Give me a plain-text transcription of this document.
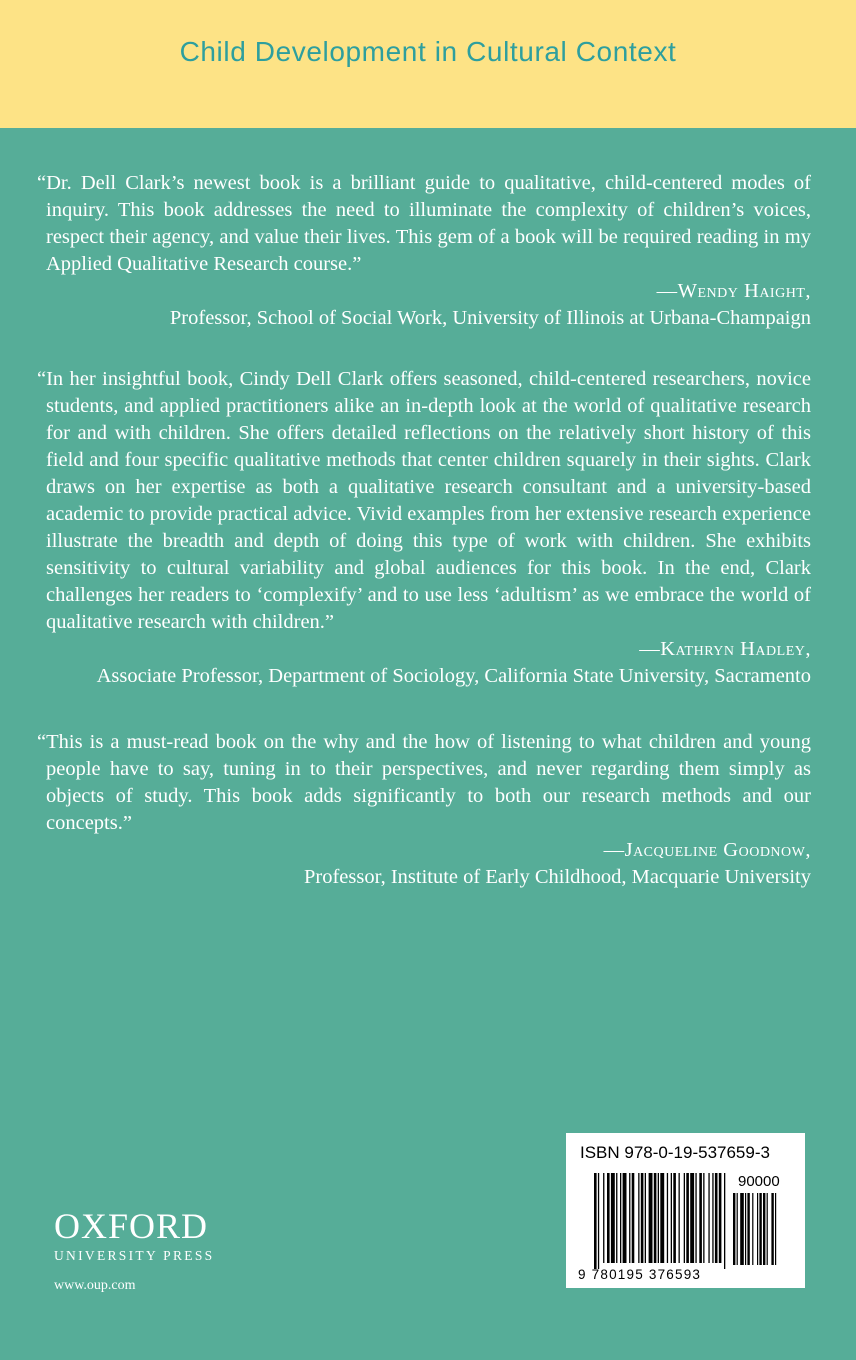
Child Development in Cultural Context

“Dr. Dell Clark’s newest book is a brilliant guide to qualitative, child-centered modes of inquiry. This book addresses the need to illuminate the complexity of children’s voices, respect their agency, and value their lives. This gem of a book will be required reading in my Applied Qualitative Research course.”

—Wendy Haight,
Professor, School of Social Work, University of Illinois at Urbana-Champaign

“In her insightful book, Cindy Dell Clark offers seasoned, child-centered researchers, novice students, and applied practitioners alike an in-depth look at the world of qualitative research for and with children. She offers detailed reflections on the relatively short history of this field and four specific qualitative methods that center children squarely in their sights. Clark draws on her expertise as both a qualitative research consultant and a university-based academic to provide practical advice. Vivid examples from her extensive research experience illustrate the breadth and depth of doing this type of work with children. She exhibits sensitivity to cultural variability and global audiences for this book. In the end, Clark challenges her readers to ‘complexify’ and to use less ‘adultism’ as we embrace the world of qualitative research with children.”

—Kathryn Hadley,
Associate Professor, Department of Sociology, California State University, Sacramento

“This is a must-read book on the why and the how of listening to what children and young people have to say, tuning in to their perspectives, and never regarding them simply as objects of study. This book adds significantly to both our research methods and our concepts.”

—Jacqueline Goodnow,
Professor, Institute of Early Childhood, Macquarie University
OXFORD
UNIVERSITY PRESS
www.oup.com
ISBN 978-0-19-537659-3
90000
9 780195 376593
